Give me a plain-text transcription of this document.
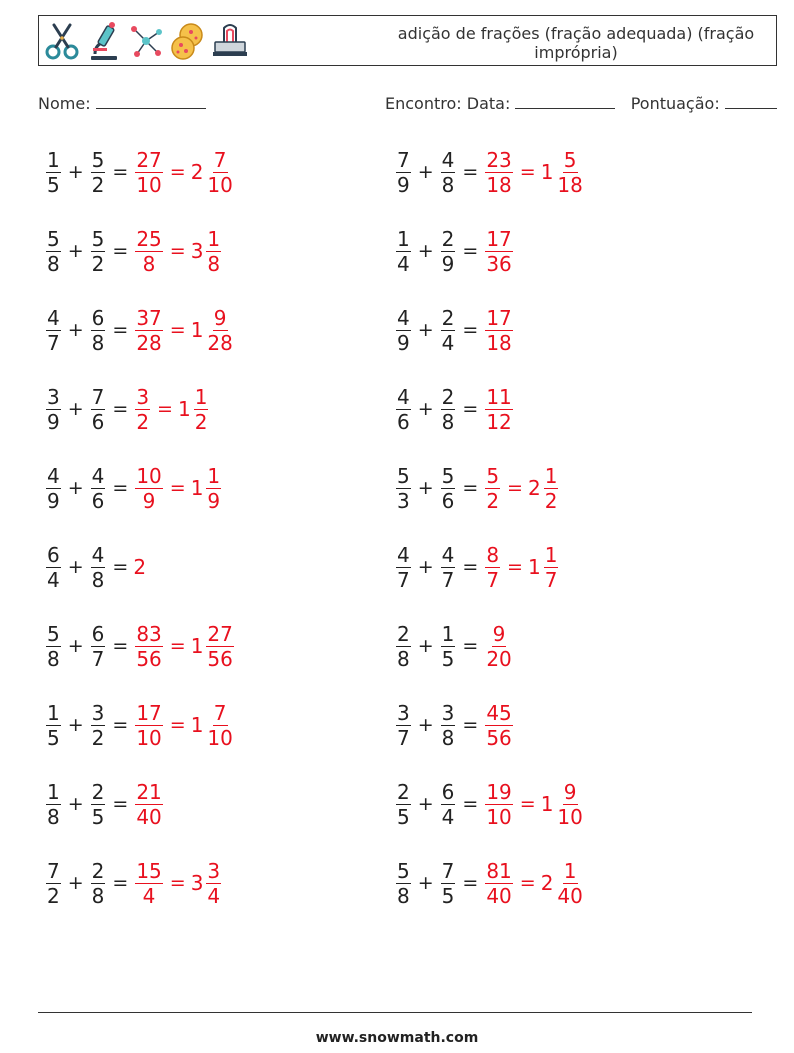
adição de frações (fração adequada) (fração imprópria)
Nome:	Encontro: Data:	Pontuação:
$\frac{1}{5} + \frac{5}{2} = \frac{27}{10} = 2 \frac{7}{10}$
$\frac{5}{8} + \frac{5}{2} = \frac{25}{8} = 3 \frac{1}{8}$
$\frac{4}{7} + \frac{6}{8} = \frac{37}{28} = 1 \frac{9}{28}$
$\frac{3}{9} + \frac{7}{6} = \frac{3}{2} = 1 \frac{1}{2}$
$\frac{4}{9} + \frac{4}{6} = \frac{10}{9} = 1 \frac{1}{9}$
$\frac{6}{4} + \frac{4}{8} = 2$
$\frac{5}{8} + \frac{6}{7} = \frac{83}{56} = 1 \frac{27}{56}$
$\frac{1}{5} + \frac{3}{2} = \frac{17}{10} = 1 \frac{7}{10}$
$\frac{1}{8} + \frac{2}{5} = \frac{21}{40}$
$\frac{7}{2} + \frac{2}{8} = \frac{15}{4} = 3 \frac{3}{4}$
$\frac{7}{9} + \frac{4}{8} = \frac{23}{18} = 1 \frac{5}{18}$
$\frac{1}{4} + \frac{2}{9} = \frac{17}{36}$
$\frac{4}{9} + \frac{2}{4} = \frac{17}{18}$
$\frac{4}{6} + \frac{2}{8} = \frac{11}{12}$
$\frac{5}{3} + \frac{5}{6} = \frac{5}{2} = 2 \frac{1}{2}$
$\frac{4}{7} + \frac{4}{7} = \frac{8}{7} = 1 \frac{1}{7}$
$\frac{2}{8} + \frac{1}{5} = \frac{9}{20}$
$\frac{3}{7} + \frac{3}{8} = \frac{45}{56}$
$\frac{2}{5} + \frac{6}{4} = \frac{19}{10} = 1 \frac{9}{10}$
$\frac{5}{8} + \frac{7}{5} = \frac{81}{40} = 2 \frac{1}{40}$
www.snowmath.com
